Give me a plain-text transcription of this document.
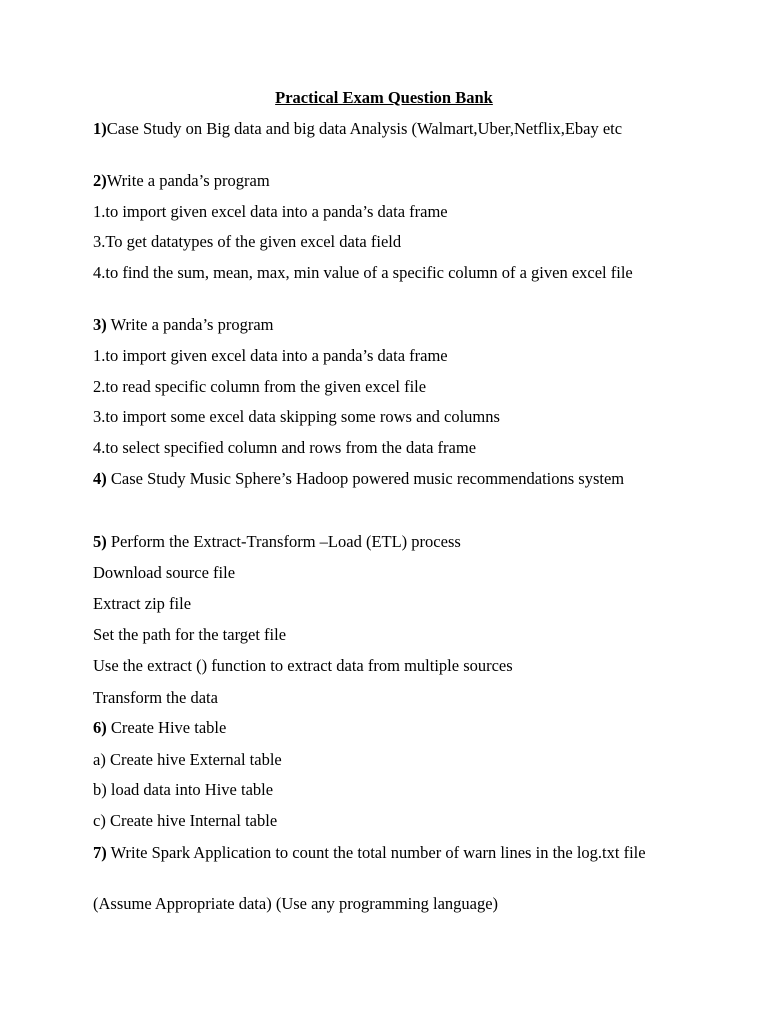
Practical Exam Question Bank
1)Case Study on Big data and big data Analysis (Walmart,Uber,Netflix,Ebay etc
2)Write a panda’s program
1.to import given excel data into a panda’s data frame
3.To get datatypes of the given excel data field
4.to find the sum, mean, max, min value of a specific column of a given excel file
3) Write a panda’s program
1.to import given excel data into a panda’s data frame
2.to read specific column from the given excel file
3.to import some excel data skipping some rows and columns
4.to select specified column and rows from the data frame
4) Case Study Music Sphere’s Hadoop powered music recommendations system
5) Perform the Extract-Transform –Load (ETL) process
Download source file
Extract zip file
Set the path for the target file
Use the extract () function to extract data from multiple sources
Transform the data
6) Create Hive table
a) Create hive External table
b) load data into Hive table
c) Create hive Internal table
7) Write Spark Application to count the total number of warn lines in the log.txt file
(Assume Appropriate data) (Use any programming language)
